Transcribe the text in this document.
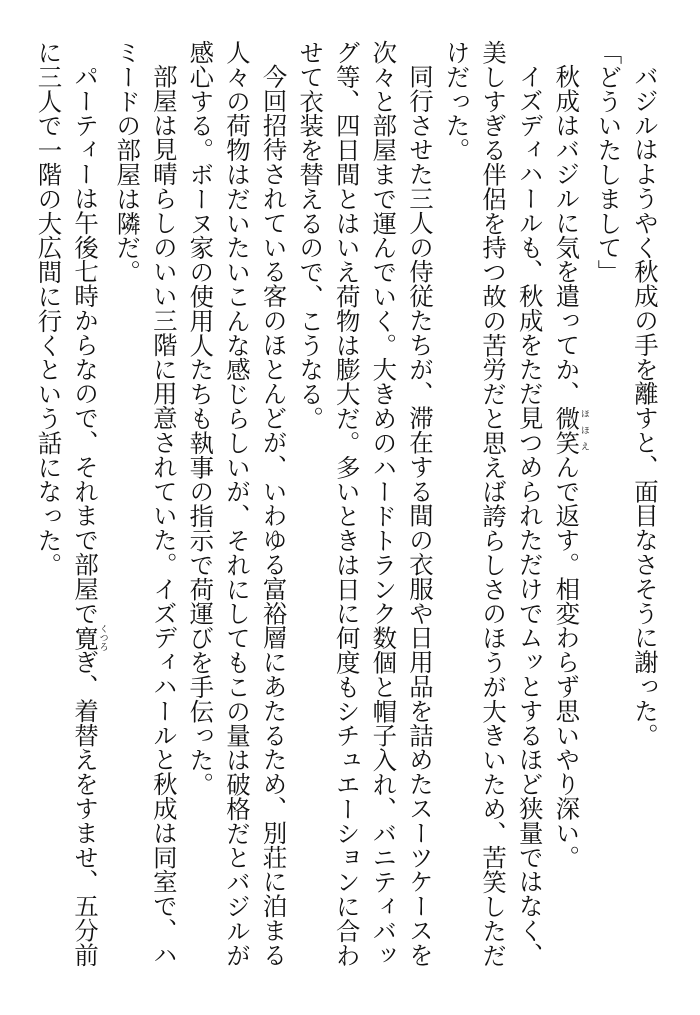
バジルはようやく秋成の手を離すと、面目なさそうに謝った。

「どういたしまして」

秋成はバジルに気を遣ってか、微笑ほほえんで返す。相変わらず思いやり深い。

イズディハールも、秋成をただ見つめられただけでムッとするほど狭量ではなく、美しすぎる伴侶を持つ故の苦労だと思えば誇らしさのほうが大きいため、苦笑しただけだった。

同行させた三人の侍従たちが、滞在する間の衣服や日用品を詰めたスーツケースを次々と部屋まで運んでいく。大きめのハードトランク数個と帽子入れ、バニティバッグ等、四日間とはいえ荷物は膨大だ。多いときは日に何度もシチュエーションに合わせて衣装を替えるので、こうなる。

今回招待されている客のほとんどが、いわゆる富裕層にあたるため、別荘に泊まる人々の荷物はだいたいこんな感じらしいが、それにしてもこの量は破格だとバジルが感心する。ボーヌ家の使用人たちも執事の指示で荷運びを手伝った。

部屋は見晴らしのいい三階に用意されていた。イズディハールと秋成は同室で、ハミードの部屋は隣だ。

パーティーは午後七時からなので、それまで部屋で寛くつろぎ、着替えをすませ、五分前に三人で一階の大広間に行くという話になった。
